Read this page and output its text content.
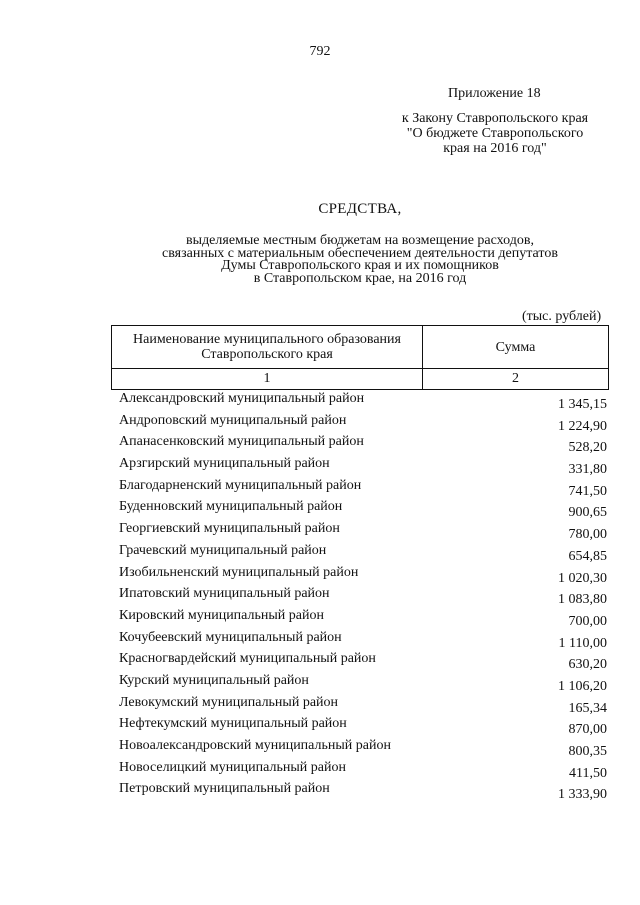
792
Приложение 18
к Закону Ставропольского края
"О бюджете Ставропольского
края на 2016 год"
СРЕДСТВА,
выделяемые местным бюджетам на возмещение расходов,
связанных с материальным обеспечением деятельности депутатов
Думы Ставропольского края и их помощников
в Ставропольском крае, на 2016 год
(тыс. рублей)
Наименование муниципального образования
Ставропольского края	Сумма
1	2
Александровский муниципальный район	1 345,15
Андроповский муниципальный район	1 224,90
Апанасенковский муниципальный район	528,20
Арзгирский муниципальный район	331,80
Благодарненский муниципальный район	741,50
Буденновский муниципальный район	900,65
Георгиевский муниципальный район	780,00
Грачевский муниципальный район	654,85
Изобильненский муниципальный район	1 020,30
Ипатовский муниципальный район	1 083,80
Кировский муниципальный район	700,00
Кочубеевский муниципальный район	1 110,00
Красногвардейский муниципальный район	630,20
Курский муниципальный район	1 106,20
Левокумский муниципальный район	165,34
Нефтекумский муниципальный район	870,00
Новоалександровский муниципальный район	800,35
Новоселицкий муниципальный район	411,50
Петровский муниципальный район	1 333,90
